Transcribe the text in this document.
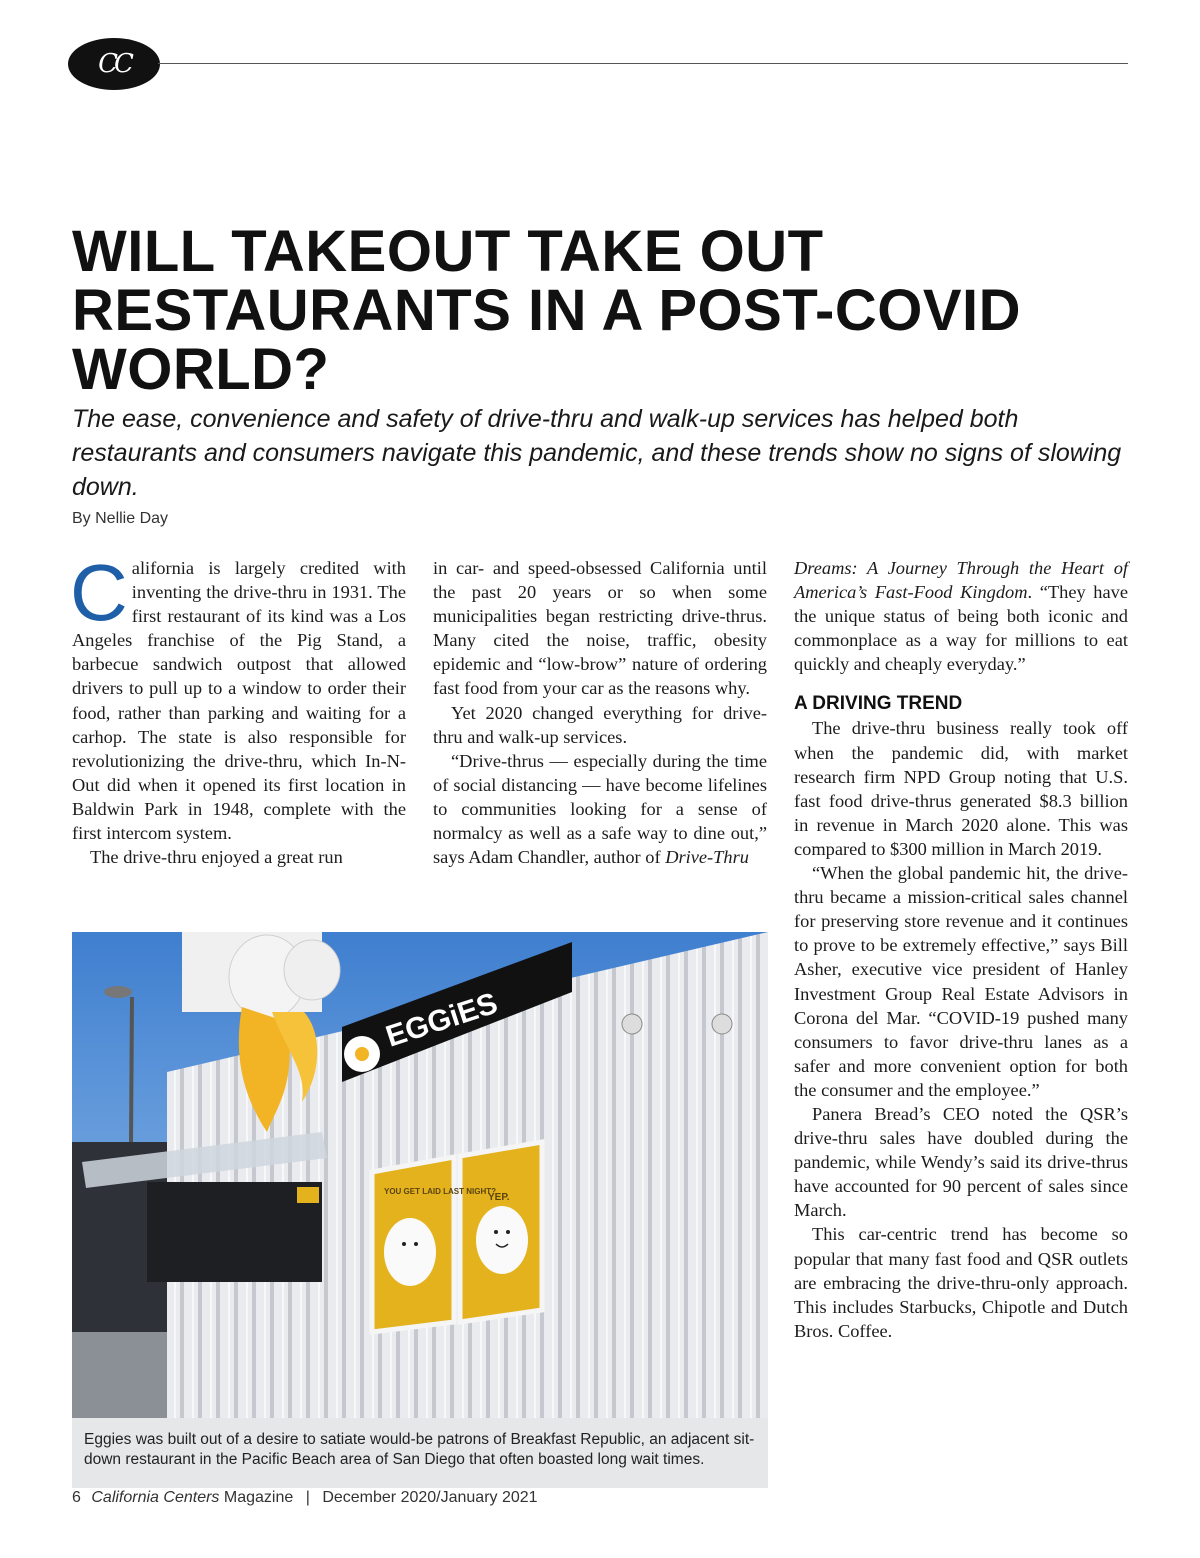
CC
WILL TAKEOUT TAKE OUT RESTAURANTS IN A POST-COVID WORLD?

The ease, convenience and safety of drive-thru and walk-up services has helped both restaurants and consumers navigate this pandemic, and these trends show no signs of slowing down.

By Nellie Day

California is largely credited with inventing the drive-thru in 1931. The first restaurant of its kind was a Los Angeles franchise of the Pig Stand, a barbecue sandwich outpost that allowed drivers to pull up to a window to order their food, rather than parking and waiting for a carhop. The state is also responsible for revolutionizing the drive-thru, which In-N-Out did when it opened its first location in Baldwin Park in 1948, complete with the first intercom system.

The drive-thru enjoyed a great run

in car- and speed-obsessed California until the past 20 years or so when some municipalities began restricting drive-thrus. Many cited the noise, traffic, obesity epidemic and “low-brow” nature of ordering fast food from your car as the reasons why.

Yet 2020 changed everything for drive-thru and walk-up services.

“Drive-thrus — especially during the time of social distancing — have become lifelines to communities looking for a sense of normalcy as well as a safe way to dine out,” says Adam Chandler, author of Drive-Thru

Dreams: A Journey Through the Heart of America’s Fast-Food Kingdom. “They have the unique status of being both iconic and commonplace as a way for millions to eat quickly and cheaply everyday.”

A DRIVING TREND

The drive-thru business really took off when the pandemic did, with market research firm NPD Group noting that U.S. fast food drive-thrus generated $8.3 billion in revenue in March 2020 alone. This was compared to $300 million in March 2019.

“When the global pandemic hit, the drive-thru became a mission-critical sales channel for preserving store revenue and it continues to prove to be extremely effective,” says Bill Asher, executive vice president of Hanley Investment Group Real Estate Advisors in Corona del Mar. “COVID-19 pushed many consumers to favor drive-thru lanes as a safer and more convenient option for both the consumer and the employee.”

Panera Bread’s CEO noted the QSR’s drive-thru sales have doubled during the pandemic, while Wendy’s said its drive-thrus have accounted for 90 percent of sales since March.

This car-centric trend has become so popular that many fast food and QSR outlets are embracing the drive-thru-only approach. This includes Starbucks, Chipotle and Dutch Bros. Coffee.

EGGiES
YOU GET LAID LAST NIGHT?
YEP.
Eggies was built out of a desire to satiate would-be patrons of Breakfast Republic, an adjacent sit-down restaurant in the Pacific Beach area of San Diego that often boasted long wait times.
6 California Centers Magazine | December 2020/January 2021
